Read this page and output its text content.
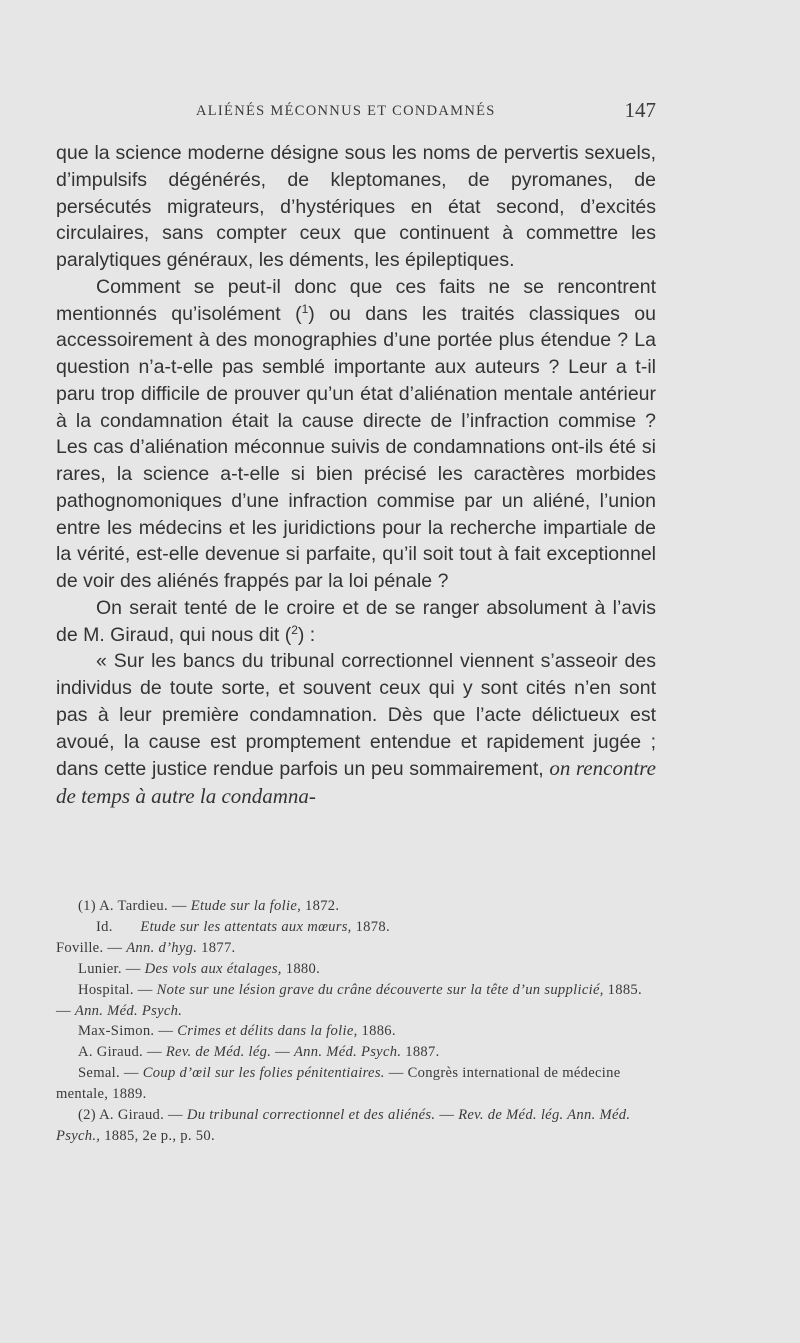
ALIÉNÉS MÉCONNUS ET CONDAMNÉS	147

que la science moderne désigne sous les noms de pervertis sexuels, d’impulsifs dégénérés, de kleptomanes, de pyromanes, de persécutés migrateurs, d’hystériques en état second, d’excités circulaires, sans compter ceux que continuent à commettre les paralytiques généraux, les déments, les épileptiques.

Comment se peut-il donc que ces faits ne se rencontrent mentionnés qu’isolément ($^1$) ou dans les traités classiques ou accessoirement à des monographies d’une portée plus étendue ? La question n’a-t-elle pas semblé importante aux auteurs ? Leur a t-il paru trop difficile de prouver qu’un état d’aliénation mentale antérieur à la condamnation était la cause directe de l’infraction commise ? Les cas d’aliénation méconnue suivis de condamnations ont-ils été si rares, la science a-t-elle si bien précisé les caractères morbides pathognomoniques d’une infraction commise par un aliéné, l’union entre les médecins et les juridictions pour la recherche impartiale de la vérité, est-elle devenue si parfaite, qu’il soit tout à fait exceptionnel de voir des aliénés frappés par la loi pénale ?

On serait tenté de le croire et de se ranger absolument à l’avis de M. Giraud, qui nous dit ($^2$) :

« Sur les bancs du tribunal correctionnel viennent s’asseoir des individus de toute sorte, et souvent ceux qui y sont cités n’en sont pas à leur première condamnation. Dès que l’acte délictueux est avoué, la cause est promptement entendue et rapidement jugée ; dans cette justice rendue parfois un peu sommairement, on rencontre de temps à autre la condamna-

(1) A. Tardieu. — Etude sur la folie, 1872.

Id. Etude sur les attentats aux mœurs, 1878.

Foville. — Ann. d’hyg. 1877.

Lunier. — Des vols aux étalages, 1880.

Hospital. — Note sur une lésion grave du crâne découverte sur la tête d’un supplicié, 1885. — Ann. Méd. Psych.

Max-Simon. — Crimes et délits dans la folie, 1886.

A. Giraud. — Rev. de Méd. lég. — Ann. Méd. Psych. 1887.

Semal. — Coup d’œil sur les folies pénitentiaires. — Congrès international de médecine mentale, 1889.

(2) A. Giraud. — Du tribunal correctionnel et des aliénés. — Rev. de Méd. lég. Ann. Méd. Psych., 1885, 2e p., p. 50.
